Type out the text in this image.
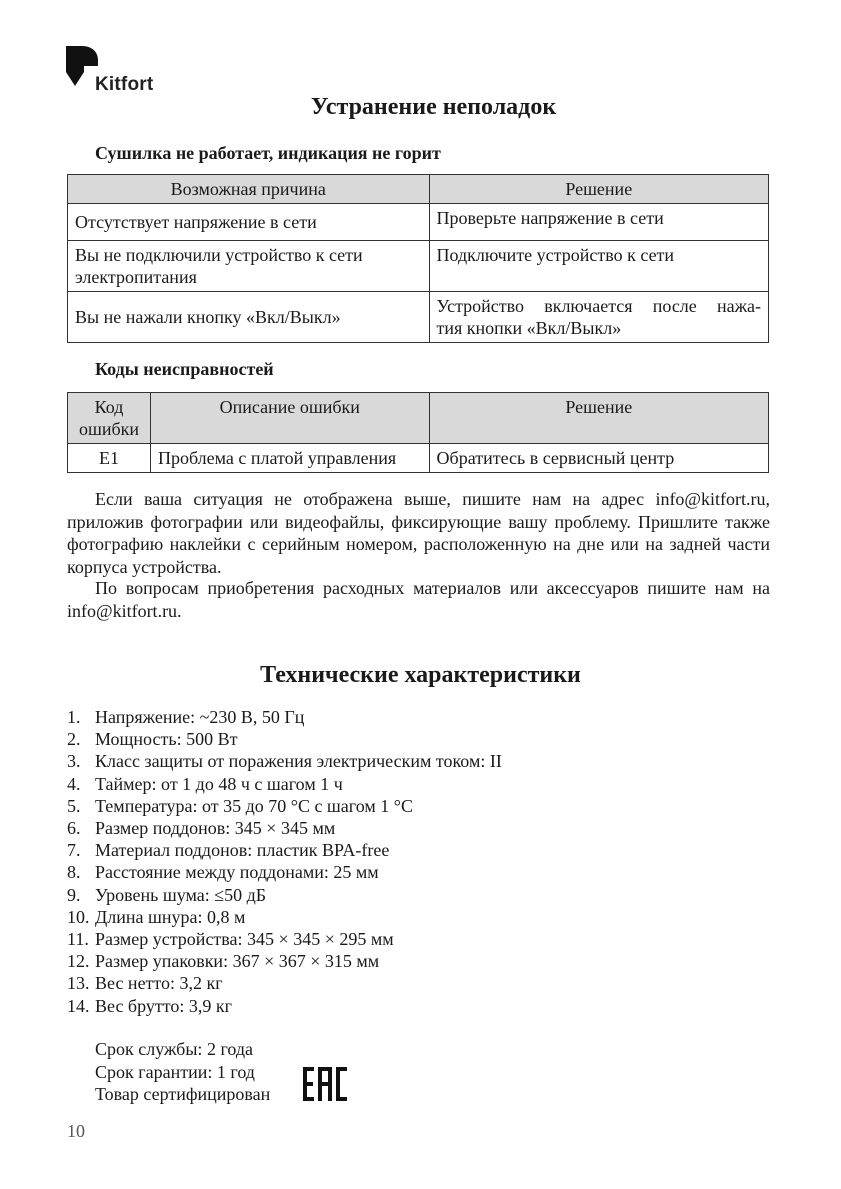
Kitfort
Устранение неполадок
Сушилка не работает, индикация не горит
Возможная причина	Решение
Отсутствует напряжение в сети	Проверьте напряжение в сети
Вы не подключили устройство к сети электропитания	Подключите устройство к сети
Вы не нажали кнопку «Вкл/Выкл»	Устройство включается после нажа-
тия кнопки «Вкл/Выкл»
Коды неисправностей
Код ошибки	Описание ошибки	Решение
E1	Проблема с платой управления	Обратитесь в сервисный центр

Если ваша ситуация не отображена выше, пишите нам на адрес info@kitfort.ru, приложив фотографии или видеофайлы, фиксирующие вашу проблему. Пришлите также фотографию наклейки с серийным номером, расположенную на дне или на задней части корпуса устройства.

По вопросам приобретения расходных материалов или аксессуаров пишите нам на info@kitfort.ru.

Технические характеристики
1. Напряжение: ~230 В, 50 Гц
2. Мощность: 500 Вт
3. Класс защиты от поражения электрическим током: II
4. Таймер: от 1 до 48 ч с шагом 1 ч
5. Температура: от 35 до 70 °С с шагом 1 °С
6. Размер поддонов: 345 × 345 мм
7. Материал поддонов: пластик BPA-free
8. Расстояние между поддонами: 25 мм
9. Уровень шума: ≤50 дБ
10. Длина шнура: 0,8 м
11. Размер устройства: 345 × 345 × 295 мм
12. Размер упаковки: 367 × 367 × 315 мм
13. Вес нетто: 3,2 кг
14. Вес брутто: 3,9 кг
Срок службы: 2 года
Срок гарантии: 1 год
Товар сертифицирован
10
